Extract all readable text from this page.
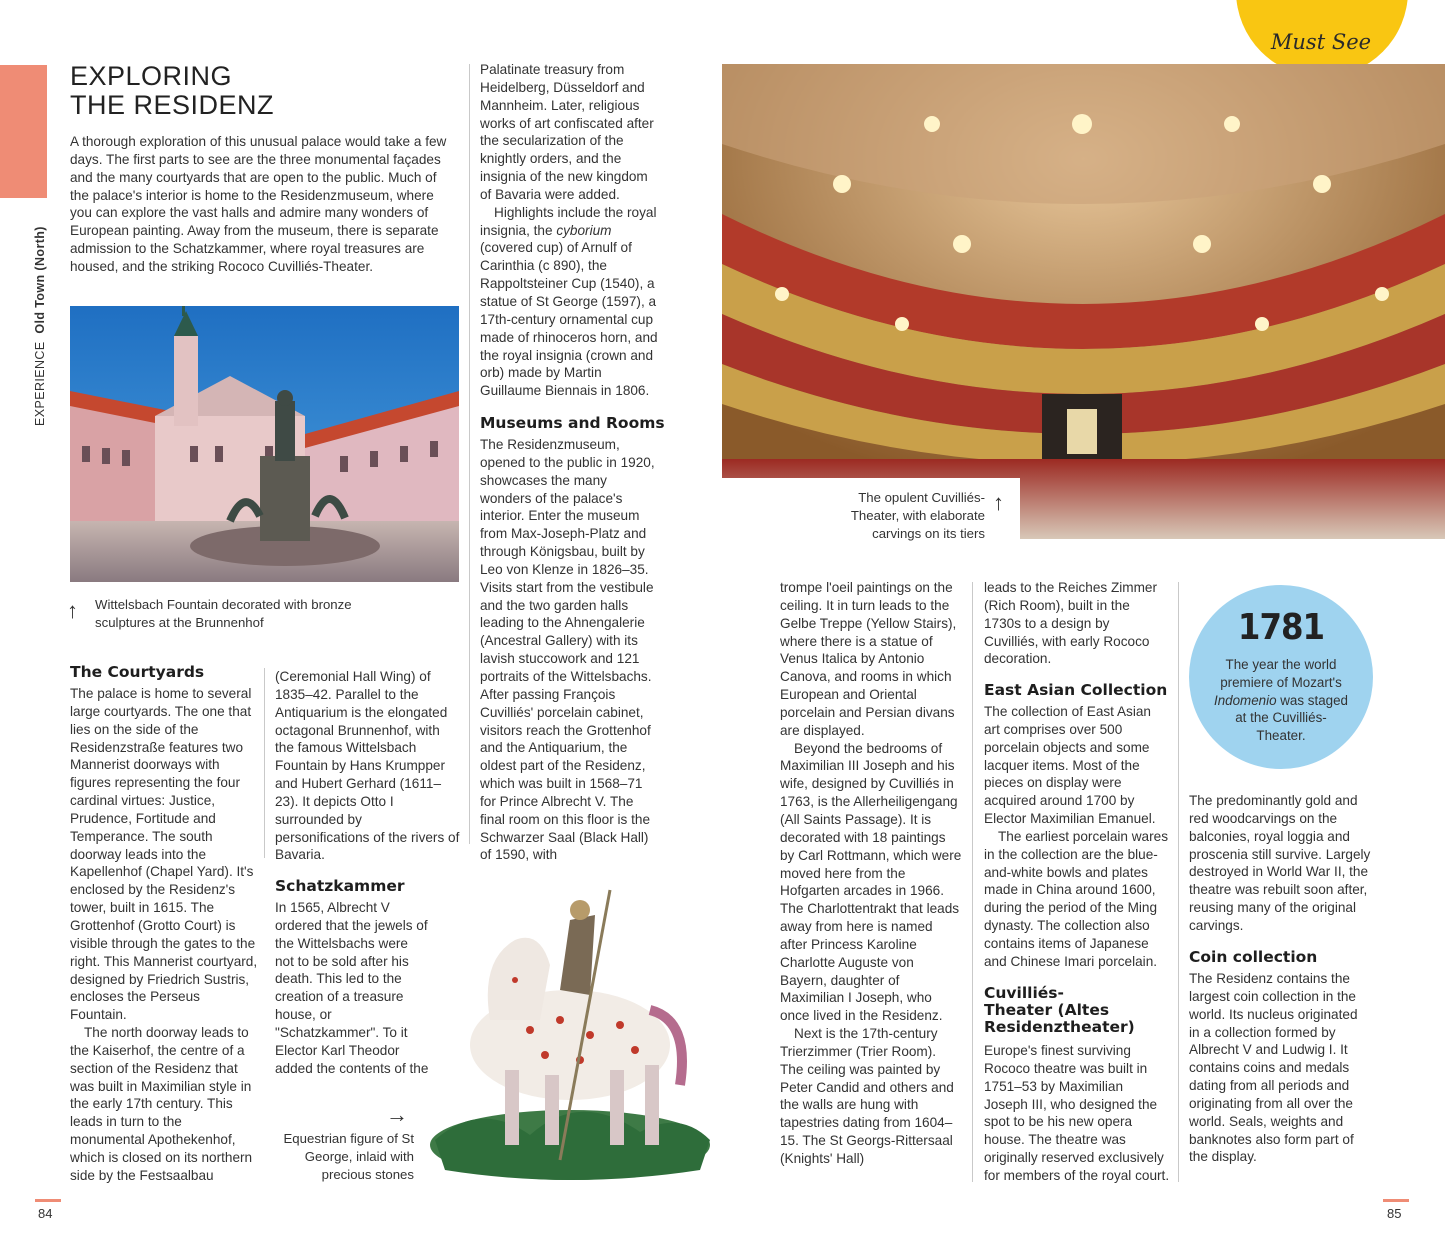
Must See
EXPERIENCE  Old Town (North)
EXPLORING
THE RESIDENZ

A thorough exploration of this unusual palace would take a few days. The first parts to see are the three monumental façades and the many courtyards that are open to the public. Much of the palace's interior is home to the Residenzmuseum, where you can explore the vast halls and admire many wonders of European painting. Away from the museum, there is separate admission to the Schatzkammer, where royal treasures are housed, and the striking Rococo Cuvilliés-Theater.

↑ Wittelsbach Fountain decorated with bronze sculptures at the Brunnenhof
The Courtyards

The palace is home to several large courtyards. The one that lies on the side of the Residenzstraße features two Mannerist doorways with figures representing the four cardinal virtues: Justice, Prudence, Fortitude and Temperance. The south doorway leads into the Kapellenhof (Chapel Yard). It's enclosed by the Residenz's tower, built in 1615. The Grottenhof (Grotto Court) is visible through the gates to the right. This Mannerist courtyard, designed by Friedrich Sustris, encloses the Perseus Fountain.

The north doorway leads to the Kaiserhof, the centre of a section of the Residenz that was built in Maximilian style in the early 17th century. This leads in turn to the monumental Apothekenhof, which is closed on its northern side by the Festsaalbau

(Ceremonial Hall Wing) of 1835–42. Parallel to the Antiquarium is the elongated octagonal Brunnenhof, with the famous Wittelsbach Fountain by Hans Krumpper and Hubert Gerhard (1611–23). It depicts Otto I surrounded by personifications of the rivers of Bavaria.

Schatzkammer

In 1565, Albrecht V ordered that the jewels of the Wittelsbachs were not to be sold after his death. This led to the creation of a treasure house, or "Schatzkammer". To it Elector Karl Theodor added the contents of the

→
Equestrian figure of St George, inlaid with precious stones

Palatinate treasury from Heidelberg, Düsseldorf and Mannheim. Later, religious works of art confiscated after the secularization of the knightly orders, and the insignia of the new kingdom of Bavaria were added.

Highlights include the royal insignia, the cyborium (covered cup) of Arnulf of Carinthia (c 890), the Rappoltsteiner Cup (1540), a statue of St George (1597), a 17th-century ornamental cup made of rhinoceros horn, and the royal insignia (crown and orb) made by Martin Guillaume Biennais in 1806.

Museums and Rooms

The Residenzmuseum, opened to the public in 1920, showcases the many wonders of the palace's interior. Enter the museum from Max-Joseph-Platz and through Königsbau, built by Leo von Klenze in 1826–35. Visits start from the vestibule and the two garden halls leading to the Ahnengalerie (Ancestral Gallery) with its lavish stuccowork and 121 portraits of the Wittelsbachs. After passing François Cuvilliés' porcelain cabinet, visitors reach the Grottenhof and the Antiquarium, the oldest part of the Residenz, which was built in 1568–71 for Prince Albrecht V. The final room on this floor is the Schwarzer Saal (Black Hall) of 1590, with

The opulent Cuvilliés-Theater, with elaborate carvings on its tiers
↑

trompe l'oeil paintings on the ceiling. It in turn leads to the Gelbe Treppe (Yellow Stairs), where there is a statue of Venus Italica by Antonio Canova, and rooms in which European and Oriental porcelain and Persian divans are displayed.

Beyond the bedrooms of Maximilian III Joseph and his wife, designed by Cuvilliés in 1763, is the Allerheiligengang (All Saints Passage). It is decorated with 18 paintings by Carl Rottmann, which were moved here from the Hofgarten arcades in 1966. The Charlottentrakt that leads away from here is named after Princess Karoline Charlotte Auguste von Bayern, daughter of Maximilian I Joseph, who once lived in the Residenz.

Next is the 17th-century Trierzimmer (Trier Room). The ceiling was painted by Peter Candid and others and the walls are hung with tapestries dating from 1604–15. The St Georgs-Rittersaal (Knights' Hall)

leads to the Reiches Zimmer (Rich Room), built in the 1730s to a design by Cuvilliés, with early Rococo decoration.

East Asian Collection

The collection of East Asian art comprises over 500 porcelain objects and some lacquer items. Most of the pieces on display were acquired around 1700 by Elector Maximilian Emanuel.

The earliest porcelain wares in the collection are the blue-and-white bowls and plates made in China around 1600, during the period of the Ming dynasty. The collection also contains items of Japanese and Chinese Imari porcelain.

Cuvilliés-
Theater (Altes
Residenztheater)

Europe's finest surviving Rococo theatre was built in 1751–53 by Maximilian Joseph III, who designed the spot to be his new opera house. The theatre was originally reserved exclusively for members of the royal court.

1781
The year the world premiere of Mozart's Indomenio was staged at the Cuvilliés-Theater.

The predominantly gold and red woodcarvings on the balconies, royal loggia and proscenia still survive. Largely destroyed in World War II, the theatre was rebuilt soon after, reusing many of the original carvings.

Coin collection

The Residenz contains the largest coin collection in the world. Its nucleus originated in a collection formed by Albrecht V and Ludwig I. It contains coins and medals dating from all periods and originating from all over the world. Seals, weights and banknotes also form part of the display.

84	85
